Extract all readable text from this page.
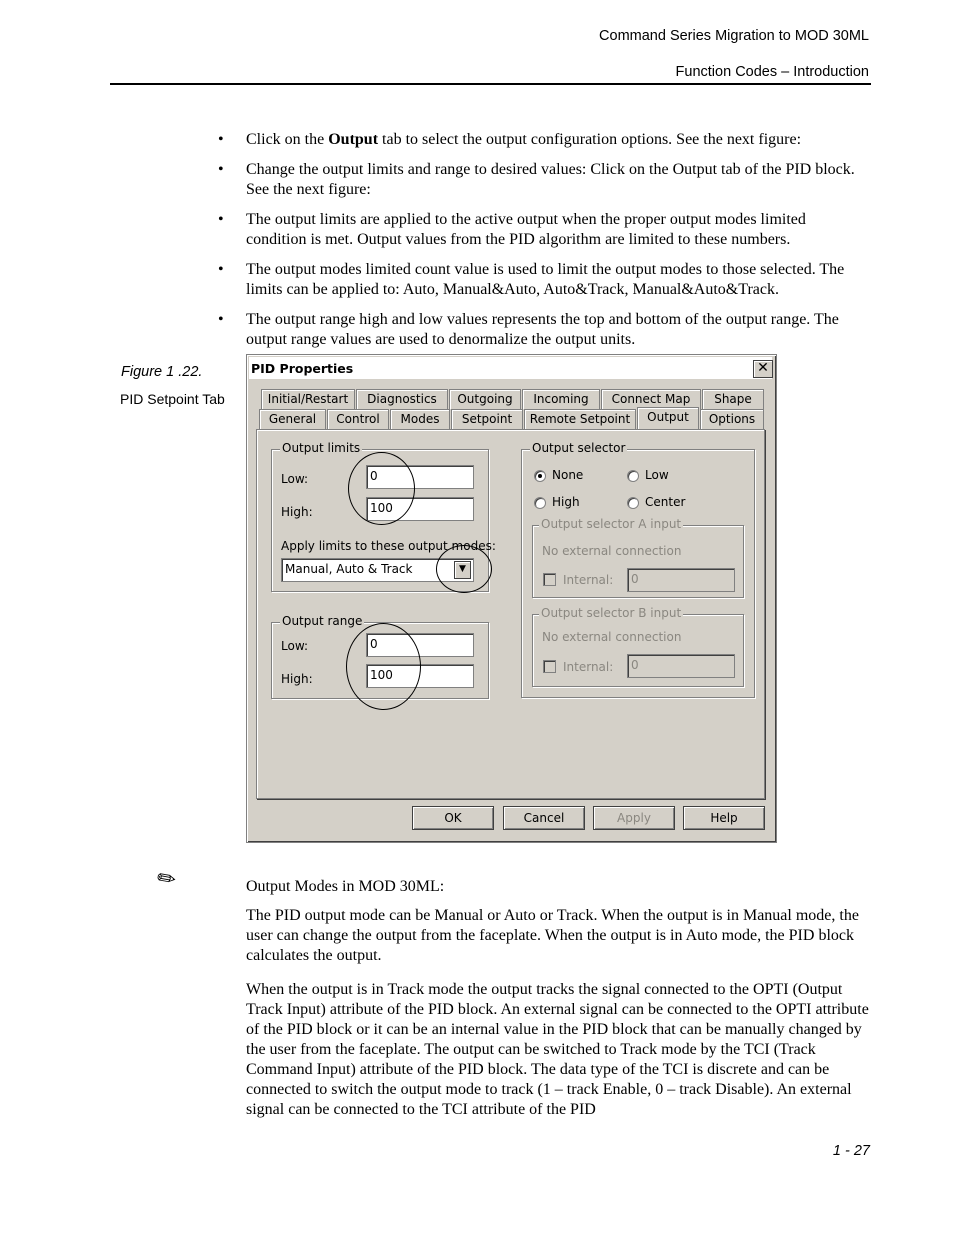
Command Series Migration to MOD 30ML
Function Codes – Introduction
• Click on the Output tab to select the output configuration options. See the next figure:
• Change the output limits and range to desired values: Click on the Output tab of the PID block. See the next figure:
• The output limits are applied to the active output when the proper output modes limited condition is met. Output values from the PID algorithm are limited to these numbers.
• The output modes limited count value is used to limit the output modes to those selected. The limits can be applied to: Auto, Manual&Auto, Auto&Track, Manual&Auto&Track.
• The output range high and low values represents the top and bottom of the output range. The output range values are used to denormalize the output units.
Figure 1 .22.
PID Setpoint Tab
PID Properties	✕
Initial/Restart	Diagnostics	Outgoing	Incoming	Connect Map	Shape
General	Control	Modes	Setpoint	Remote Setpoint	Output	Options
Output limits
Low:	0
High:	100
Apply limits to these output modes:
Manual, Auto & Track	▼
Output range
Low:	0
High:	100
Output selector
None	Low
High	Center
Output selector A input
No external connection
Internal:	0
Output selector B input
No external connection
Internal:	0
OK	Cancel	Apply	Help
✎	Output Modes in MOD 30ML:

The PID output mode can be Manual or Auto or Track. When the output is in Manual mode, the user can change the output from the faceplate. When the output is in Auto mode, the PID block calculates the output.

When the output is in Track mode the output tracks the signal connected to the OPTI (Output Track Input) attribute of the PID block. An external signal can be connected to the OPTI attribute of the PID block or it can be an internal value in the PID block that can be manually changed by the user from the faceplate. The output can be switched to Track mode by the TCI (Track Command Input) attribute of the PID block. The data type of the TCI is discrete and can be connected to switch the output mode to track (1 – track Enable, 0 – track Disable). An external signal can be connected to the TCI attribute of the PID

1 - 27
